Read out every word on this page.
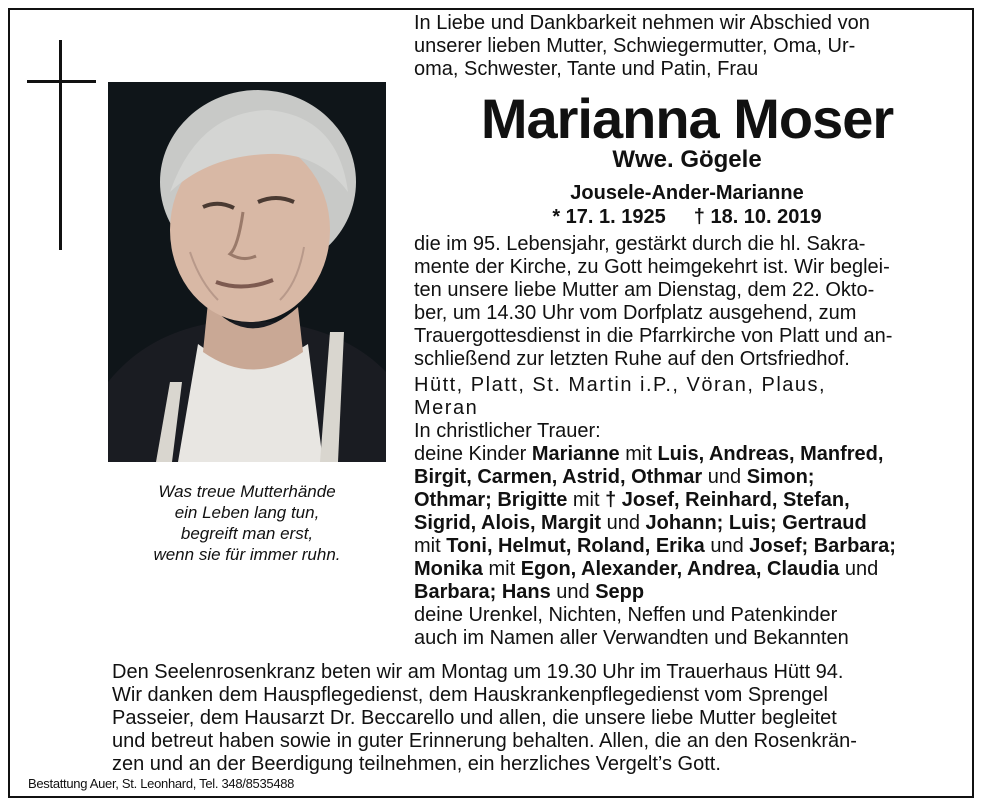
Was treue Mutterhände
ein Leben lang tun,
begreift man erst,
wenn sie für immer ruhn.
In Liebe und Dankbarkeit nehmen wir Abschied von
unserer lieben Mutter, Schwiegermutter, Oma, Ur-
oma, Schwester, Tante und Patin, Frau
Marianna Moser
Wwe. Gögele
Jousele-Ander-Marianne
* 17. 1. 1925 † 18. 10. 2019
die im 95. Lebensjahr, gestärkt durch die hl. Sakra-
mente der Kirche, zu Gott heimgekehrt ist. Wir beglei-
ten unsere liebe Mutter am Dienstag, dem 22. Okto-
ber, um 14.30 Uhr vom Dorfplatz ausgehend, zum
Trauergottesdienst in die Pfarrkirche von Platt und an-
schließend zur letzten Ruhe auf den Ortsfriedhof.
Hütt, Platt, St. Martin i.P., Vöran, Plaus,
Meran
In christlicher Trauer:
deine Kinder Marianne mit Luis, Andreas, Manfred,
Birgit, Carmen, Astrid, Othmar und Simon;
Othmar; Brigitte mit † Josef, Reinhard, Stefan,
Sigrid, Alois, Margit und Johann; Luis; Gertraud
mit Toni, Helmut, Roland, Erika und Josef; Barbara;
Monika mit Egon, Alexander, Andrea, Claudia und
Barbara; Hans und Sepp
deine Urenkel, Nichten, Neffen und Patenkinder
auch im Namen aller Verwandten und Bekannten
Den Seelenrosenkranz beten wir am Montag um 19.30 Uhr im Trauerhaus Hütt 94.
Wir danken dem Hauspflegedienst, dem Hauskrankenpflegedienst vom Sprengel
Passeier, dem Hausarzt Dr. Beccarello und allen, die unsere liebe Mutter begleitet
und betreut haben sowie in guter Erinnerung behalten. Allen, die an den Rosenkrän-
zen und an der Beerdigung teilnehmen, ein herzliches Vergelt’s Gott.
Bestattung Auer, St. Leonhard, Tel. 348/8535488
